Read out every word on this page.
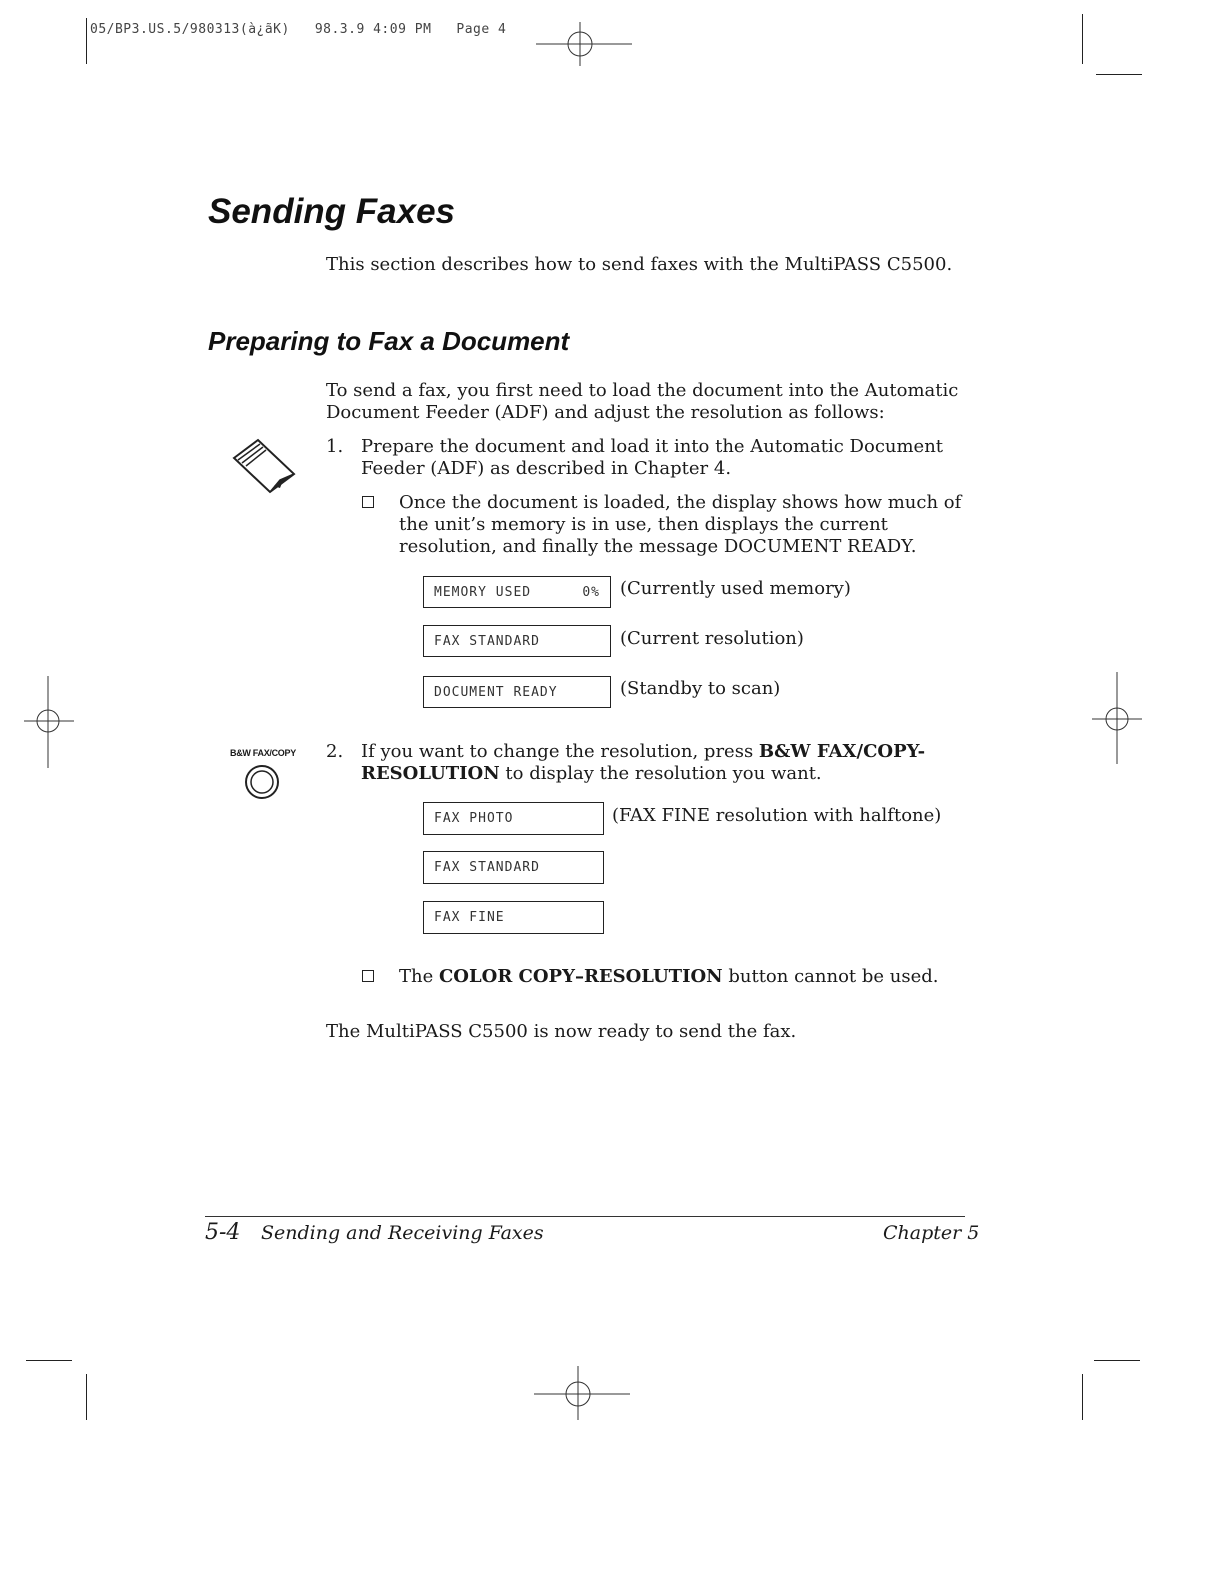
05/BP3.US.5/980313(à¿ãK)   98.3.9 4:09 PM   Page 4
Sending Faxes
This section describes how to send faxes with the MultiPASS C5500.
Preparing to Fax a Document
To send a fax, you first need to load the document into the Automatic
Document Feeder (ADF) and adjust the resolution as follows:
1. Prepare the document and load it into the Automatic Document
Feeder (ADF) as described in Chapter 4.
Once the document is loaded, the display shows how much of
the unit’s memory is in use, then displays the current
resolution, and finally the message DOCUMENT READY.
MEMORY USED	0% (Currently used memory)
FAX STANDARD	(Current resolution)
DOCUMENT READY	(Standby to scan)
B&W FAX/COPY 2. If you want to change the resolution, press B&W FAX/COPY-
RESOLUTION to display the resolution you want.
FAX PHOTO	(FAX FINE resolution with halftone)
FAX STANDARD
FAX FINE
The COLOR COPY–RESOLUTION button cannot be used.
The MultiPASS C5500 is now ready to send the fax.
5-4 Sending and Receiving Faxes	Chapter 5
